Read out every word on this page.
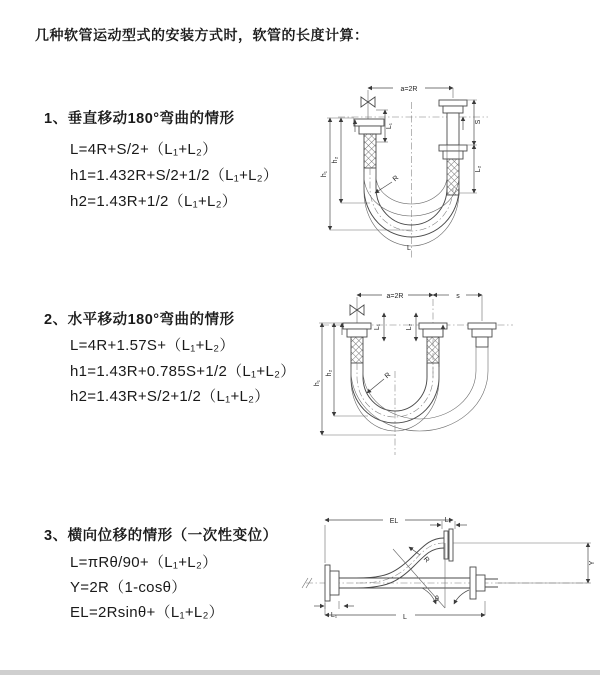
几种软管运动型式的安装方式时，软管的长度计算：
1、垂直移动180°弯曲的情形
L=4R+S/2+（L₁+L₂）
h1=1.432R+S/2+1/2（L₁+L₂）
h2=1.43R+1/2（L₁+L₂）
2、水平移动180°弯曲的情形
L=4R+1.57S+（L₁+L₂）
h1=1.43R+0.785S+1/2（L₁+L₂）
h2=1.43R+S/2+1/2（L₁+L₂）
3、横向位移的情形（一次性变位）
L=πRθ/90+（L₁+L₂）
Y=2R（1-cosθ）
EL=2Rsinθ+（L₁+L₂）
a=2R
S
L₂
L₁
h₁
h₂
R
L
a=2R	s
L₁	L₂
h₁
h₂	R
L₁
L₂
EL
θ
R	Y
L
